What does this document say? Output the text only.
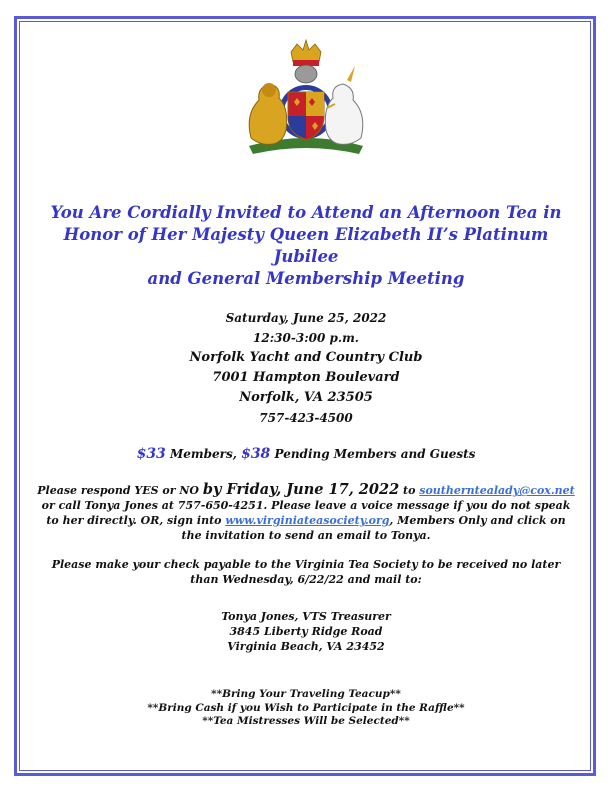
You Are Cordially Invited to Attend an Afternoon Tea in
Honor of Her Majesty Queen Elizabeth II’s Platinum Jubilee
and General Membership Meeting
Saturday, June 25, 2022
12:30-3:00 p.m.
Norfolk Yacht and Country Club
7001 Hampton Boulevard
Norfolk, VA 23505
757-423-4500
$33 Members, $38 Pending Members and Guests
Please respond YES or NO by Friday, June 17, 2022 to southerntealady@cox.net or call Tonya Jones at 757-650-4251. Please leave a voice message if you do not speak to her directly. OR, sign into www.virginiateasociety.org, Members Only and click on the invitation to send an email to Tonya.
Please make your check payable to the Virginia Tea Society to be received no later than Wednesday, 6/22/22 and mail to:
Tonya Jones, VTS Treasurer
3845 Liberty Ridge Road
Virginia Beach, VA 23452
**Bring Your Traveling Teacup**
**Bring Cash if you Wish to Participate in the Raffle**
**Tea Mistresses Will be Selected**
